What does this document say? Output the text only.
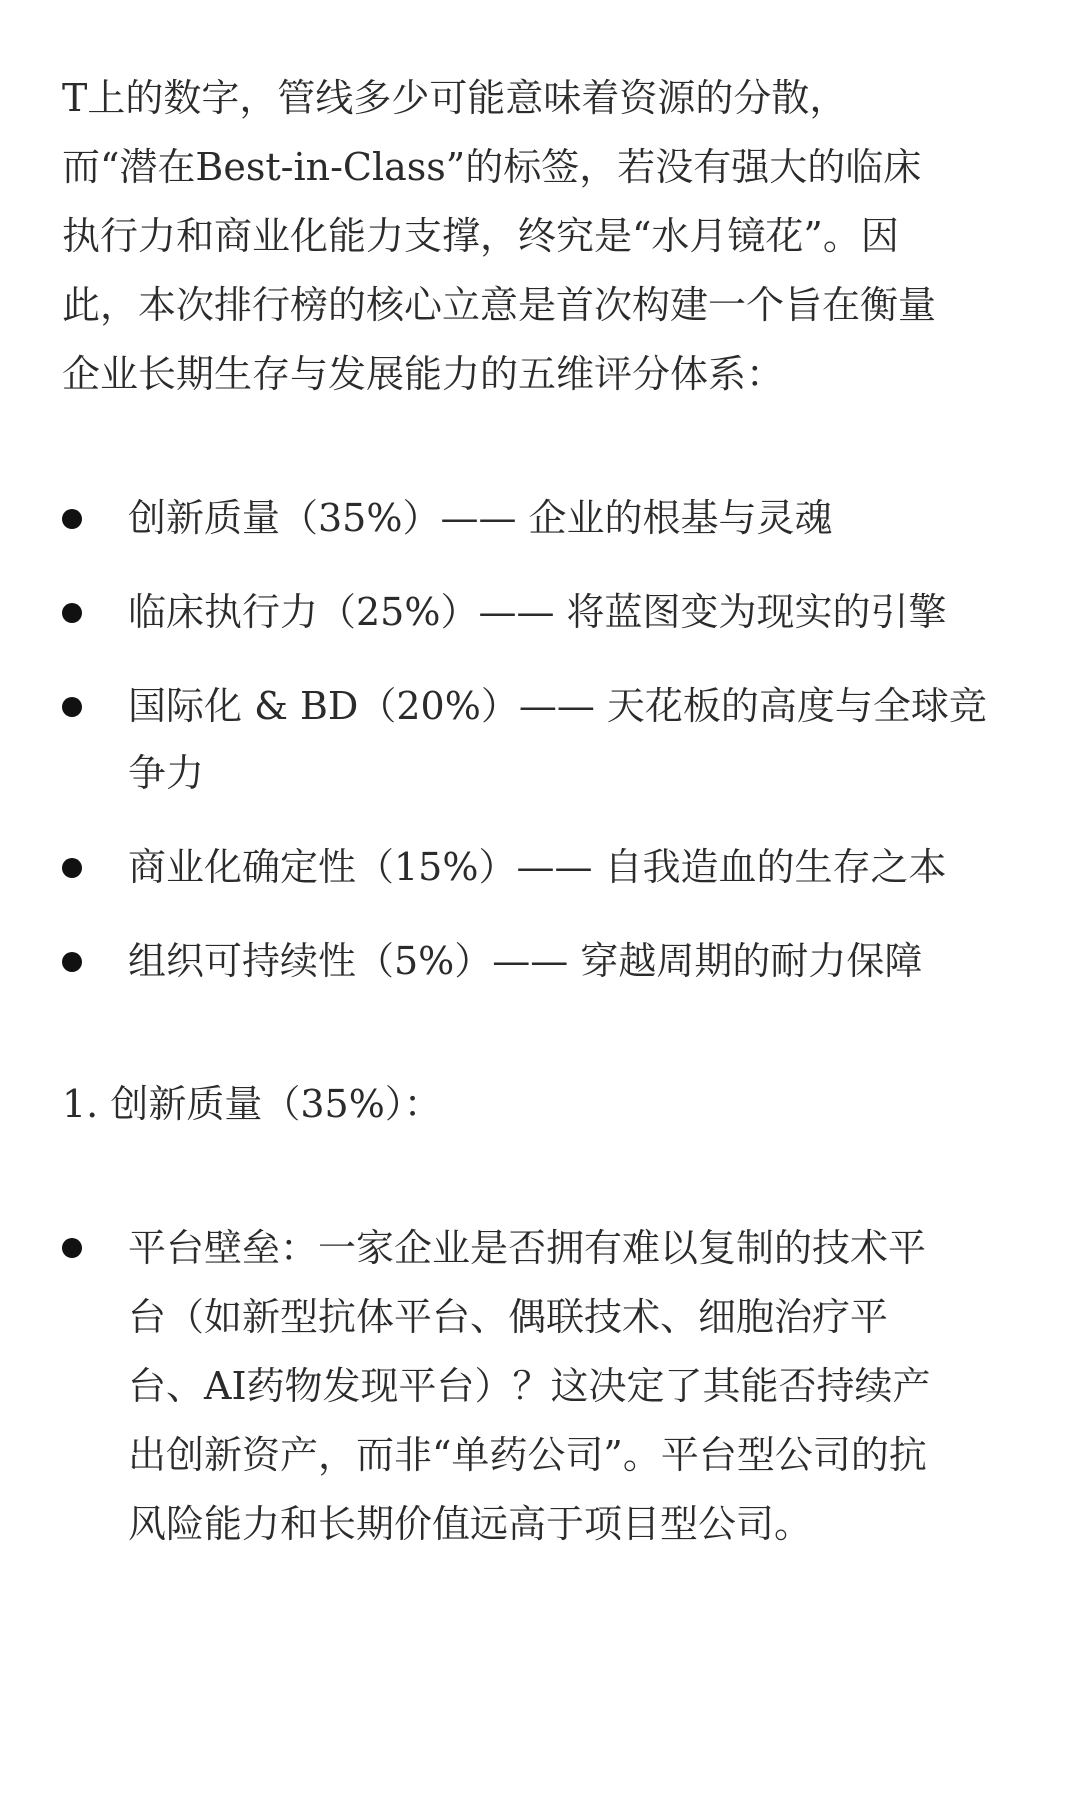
T上的数字，管线多少可能意味着资源的分散，
而“潜在Best-in-Class”的标签，若没有强大的临床
执行力和商业化能力支撑，终究是“水月镜花”。因
此，本次排行榜的核心立意是首次构建一个旨在衡量
企业长期生存与发展能力的五维评分体系：

创新质量（35%）—— 企业的根基与灵魂
临床执行力（25%）—— 将蓝图变为现实的引擎
国际化 & BD（20%）—— 天花板的高度与全球竞
争力
商业化确定性（15%）—— 自我造血的生存之本
组织可持续性（5%）—— 穿越周期的耐力保障
1. 创新质量（35%）：
平台壁垒：一家企业是否拥有难以复制的技术平
台（如新型抗体平台、偶联技术、细胞治疗平
台、AI药物发现平台）？这决定了其能否持续产
出创新资产，而非“单药公司”。平台型公司的抗
风险能力和长期价值远高于项目型公司。
